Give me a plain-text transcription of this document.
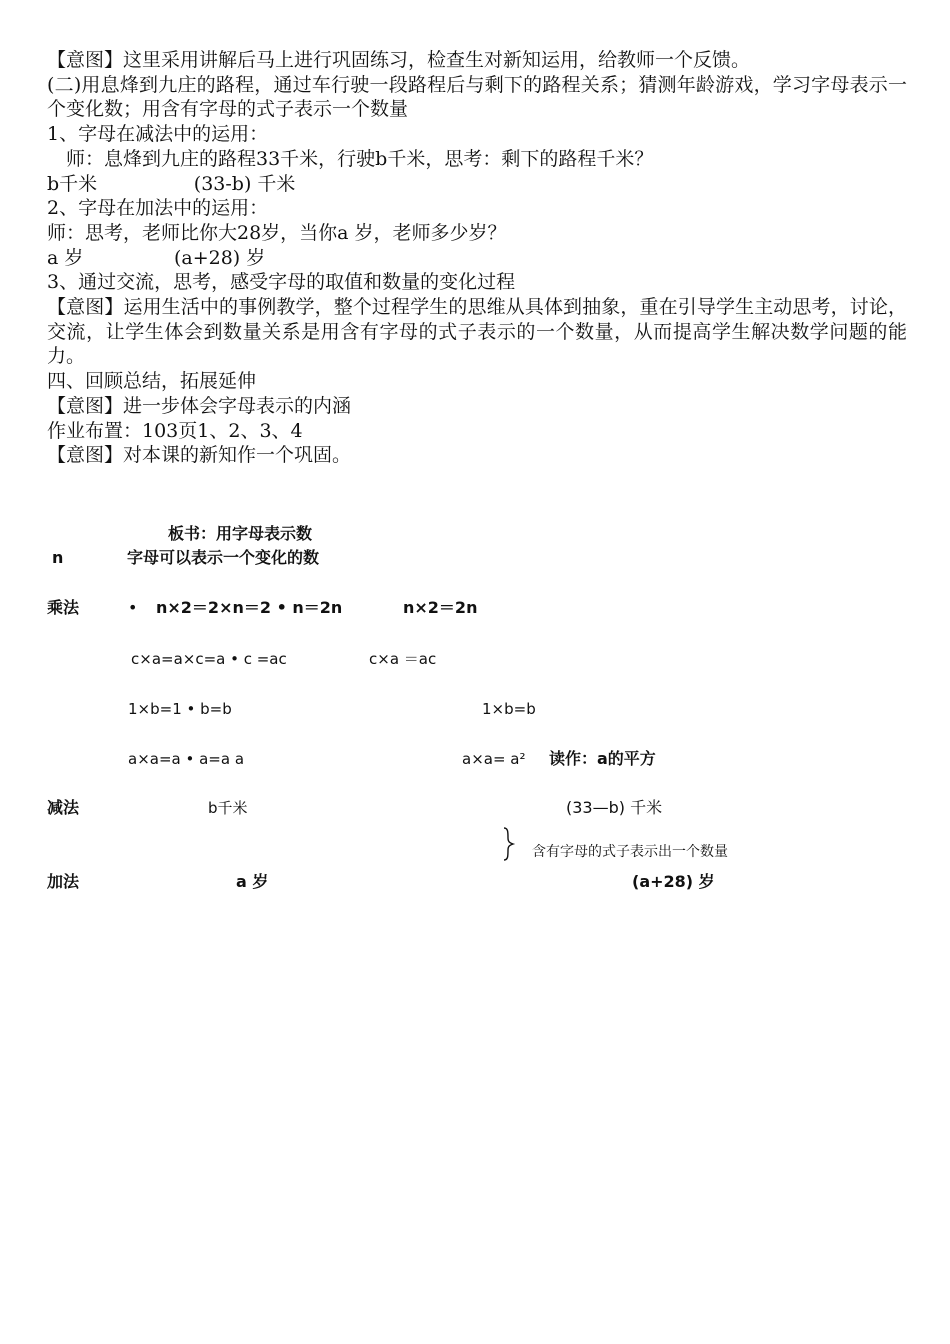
【意图】这里采用讲解后马上进行巩固练习，检查生对新知运用，给教师一个反馈。
(二)用息烽到九庄的路程，通过车行驶一段路程后与剩下的路程关系；猜测年龄游戏，学习字母表示一个变化数；用含有字母的式子表示一个数量
1、字母在减法中的运用：
师：息烽到九庄的路程33千米，行驶b千米，思考：剩下的路程千米？
b千米                (33-b) 千米
2、字母在加法中的运用：
师：思考，老师比你大28岁，当你a 岁，老师多少岁？
a 岁               (a+28) 岁
3、通过交流，思考，感受字母的取值和数量的变化过程
【意图】运用生活中的事例教学，整个过程学生的思维从具体到抽象，重在引导学生主动思考，讨论，交流，让学生体会到数量关系是用含有字母的式子表示的一个数量，从而提高学生解决数学问题的能力。
四、回顾总结，拓展延伸
【意图】进一步体会字母表示的内涵
作业布置：103页1、2、3、4
【意图】对本课的新知作一个巩固。
板书：用字母表示数
n	字母可以表示一个变化的数
乘法	• n×2＝2×n＝2 • n＝2n	n×2＝2n
c×a=a×c=a • c =ac	c×a ＝ac
1×b=1 • b=b	1×b=b
a×a=a • a=a a	a×a= a² 读作：a的平方
减法	b千米	(33—b) 千米
含有字母的式子表示出一个数量
加法	a 岁	(a+28) 岁
